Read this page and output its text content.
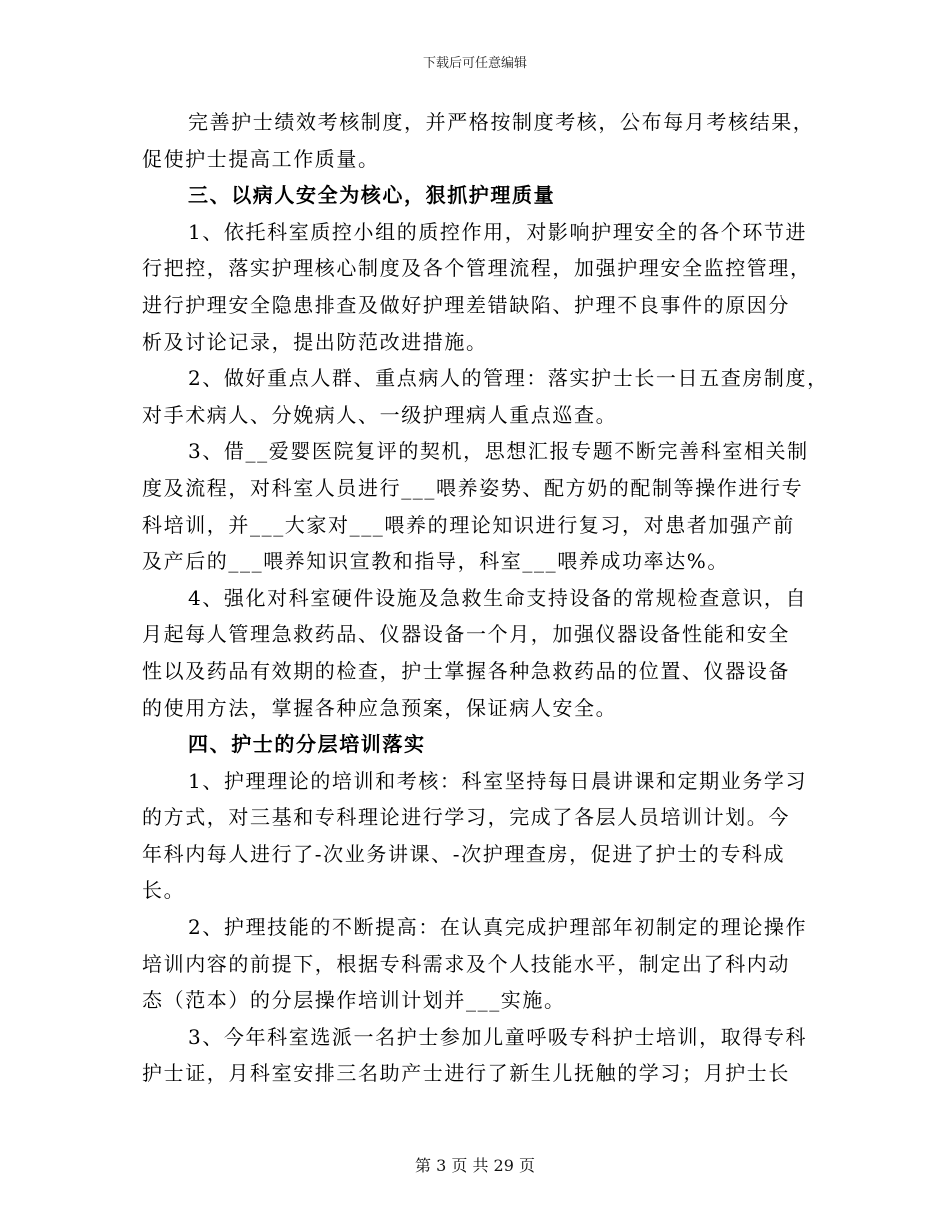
下载后可任意编辑
完善护士绩效考核制度，并严格按制度考核，公布每月考核结果，
促使护士提高工作质量。
三、以病人安全为核心，狠抓护理质量
1、依托科室质控小组的质控作用，对影响护理安全的各个环节进
行把控，落实护理核心制度及各个管理流程，加强护理安全监控管理，
进行护理安全隐患排查及做好护理差错缺陷、护理不良事件的原因分
析及讨论记录，提出防范改进措施。
2、做好重点人群、重点病人的管理：落实护士长一日五查房制度，
对手术病人、分娩病人、一级护理病人重点巡查。
3、借__爱婴医院复评的契机，思想汇报专题不断完善科室相关制
度及流程，对科室人员进行___喂养姿势、配方奶的配制等操作进行专
科培训，并___大家对___喂养的理论知识进行复习，对患者加强产前
及产后的___喂养知识宣教和指导，科室___喂养成功率达%。
4、强化对科室硬件设施及急救生命支持设备的常规检查意识，自
月起每人管理急救药品、仪器设备一个月，加强仪器设备性能和安全
性以及药品有效期的检查，护士掌握各种急救药品的位置、仪器设备
的使用方法，掌握各种应急预案，保证病人安全。
四、护士的分层培训落实
1、护理理论的培训和考核：科室坚持每日晨讲课和定期业务学习
的方式，对三基和专科理论进行学习，完成了各层人员培训计划。今
年科内每人进行了-次业务讲课、-次护理查房，促进了护士的专科成
长。
2、护理技能的不断提高：在认真完成护理部年初制定的理论操作
培训内容的前提下，根据专科需求及个人技能水平，制定出了科内动
态（范本）的分层操作培训计划并___实施。
3、今年科室选派一名护士参加儿童呼吸专科护士培训，取得专科
护士证，月科室安排三名助产士进行了新生儿抚触的学习；月护士长
第 3 页 共 29 页
